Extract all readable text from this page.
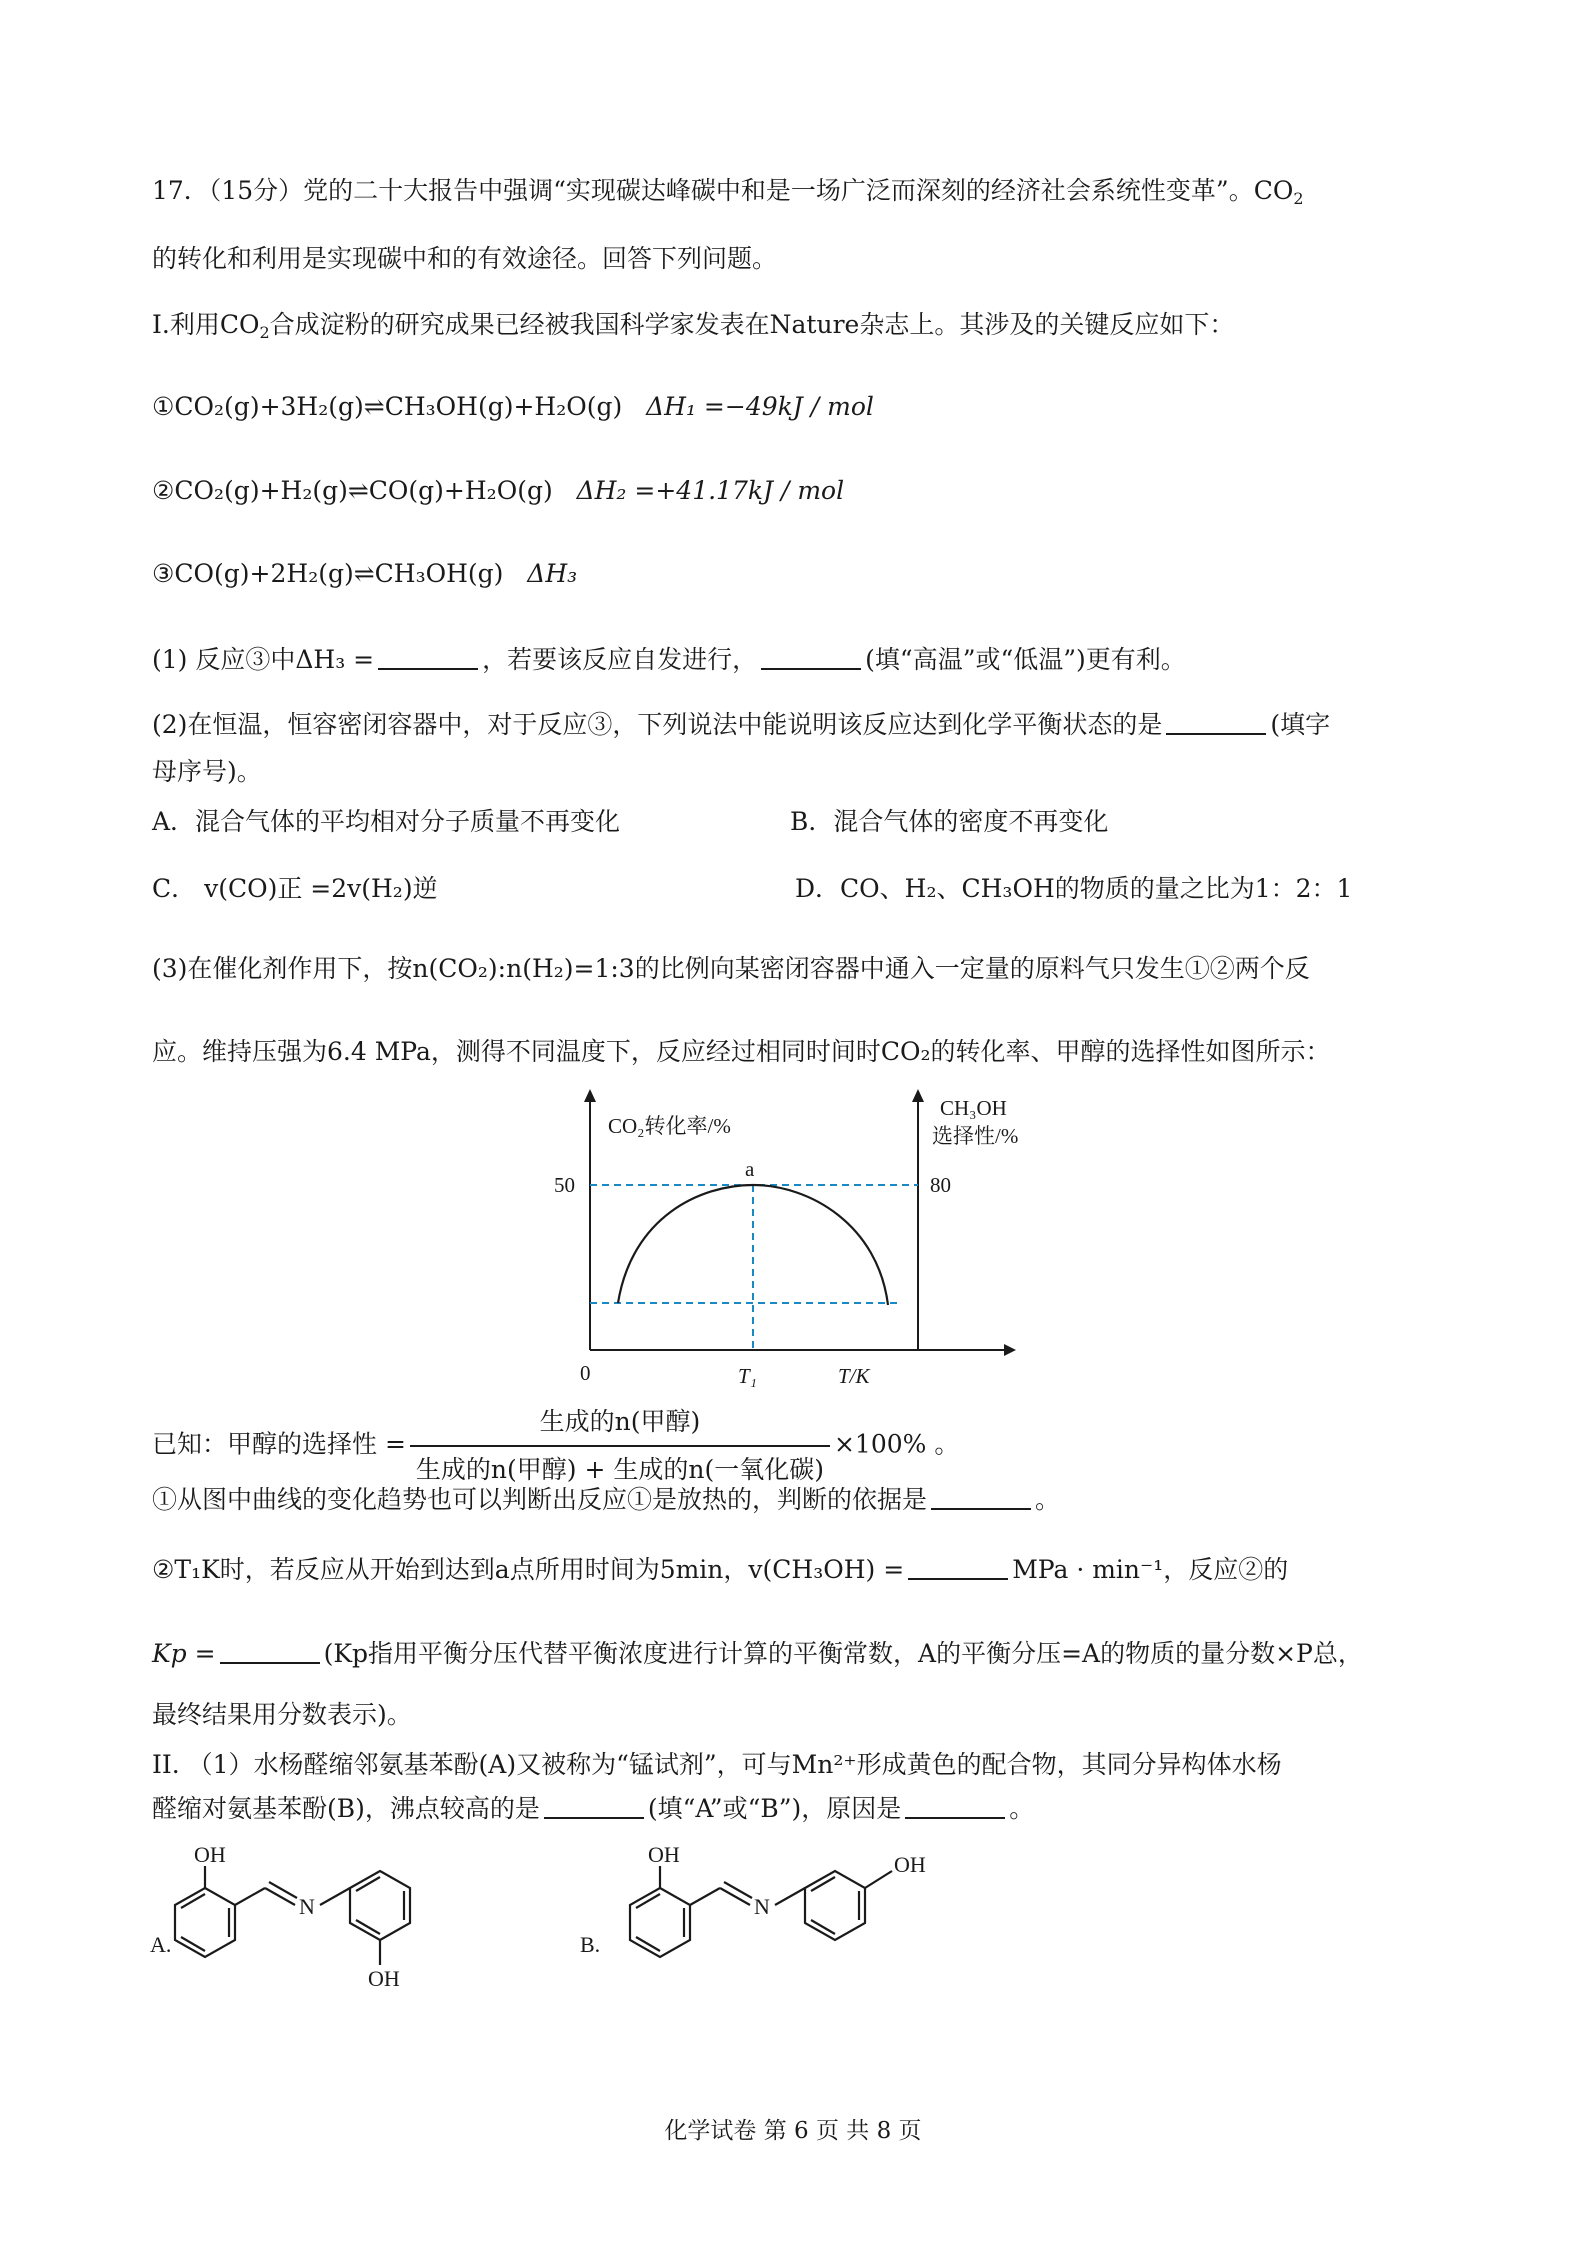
17．（15分）党的二十大报告中强调“实现碳达峰碳中和是一场广泛而深刻的经济社会系统性变革”。$CO_2$
的转化和利用是实现碳中和的有效途径。回答下列问题。
I.利用$CO_2$合成淀粉的研究成果已经被我国科学家发表在Nature杂志上。其涉及的关键反应如下：
①CO₂(g)+3H₂(g)⇌CH₃OH(g)+H₂O(g) ΔH₁ =−49kJ / mol
②CO₂(g)+H₂(g)⇌CO(g)+H₂O(g) ΔH₂ =+41.17kJ / mol
③CO(g)+2H₂(g)⇌CH₃OH(g) ΔH₃
(1) 反应③中ΔH₃ =	，若要该反应自发进行，	(填“高温”或“低温”)更有利。
(2)在恒温，恒容密闭容器中，对于反应③，下列说法中能说明该反应达到化学平衡状态的是	(填字
母序号)。
A．混合气体的平均相对分子质量不再变化	B．混合气体的密度不再变化
C． v(CO)正 =2v(H₂)逆	D．CO、H₂、CH₃OH的物质的量之比为1：2：1
(3)在催化剂作用下，按n(CO₂):n(H₂)=1:3的比例向某密闭容器中通入一定量的原料气只发生①②两个反
应。维持压强为6.4 MPa，测得不同温度下，反应经过相同时间时CO₂的转化率、甲醇的选择性如图所示：
CO₂转化率/%
CH₃OH
选择性/%
50	80
a
0	T₁	T/K
已知：甲醇的选择性 = $\frac{\text{生成的n(甲醇)}}{\text{生成的n(甲醇) + 生成的n(一氧化碳)}} \times 100\%$ 。
①从图中曲线的变化趋势也可以判断出反应①是放热的，判断的依据是	。
②T₁K时，若反应从开始到达到a点所用时间为5min，v(CH₃OH) =	MPa · min⁻¹，反应②的
Kp =	(Kp指用平衡分压代替平衡浓度进行计算的平衡常数，A的平衡分压=A的物质的量分数×P总，
最终结果用分数表示)。
II. （1）水杨醛缩邻氨基苯酚(A)又被称为“锰试剂”，可与Mn²⁺形成黄色的配合物，其同分异构体水杨
醛缩对氨基苯酚(B)，沸点较高的是	(填“A”或“B”)，原因是	。
A.
OH
N
OH
B.
OH
N
OH
化学试卷 第 6 页 共 8 页
